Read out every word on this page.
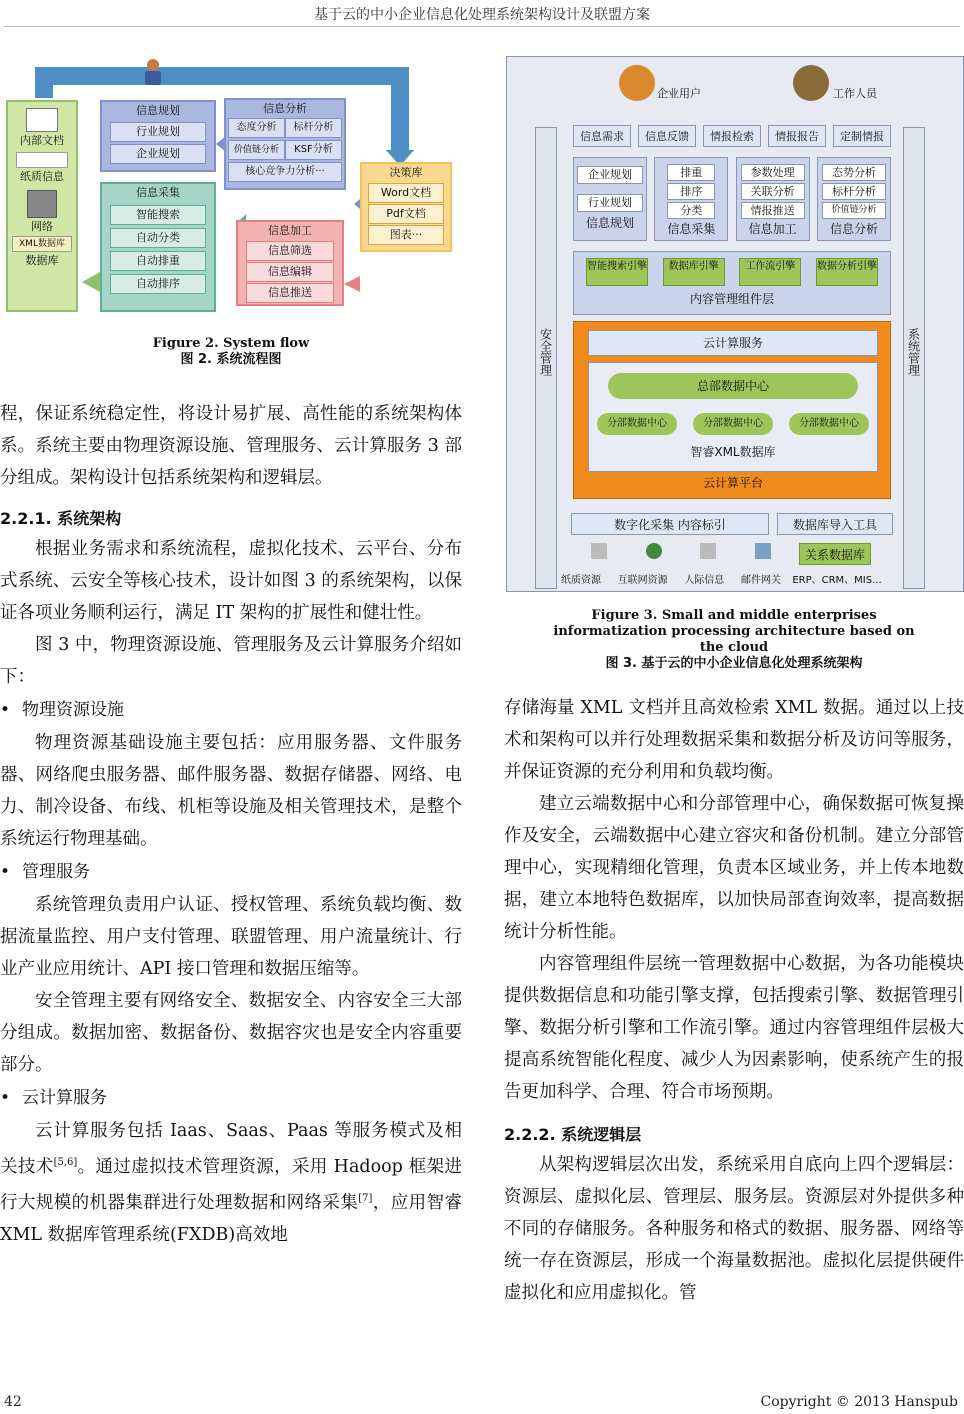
基于云的中小企业信息化处理系统架构设计及联盟方案
内部文档
纸质信息
网络
XML数据库
数据库
信息规划
行业规划
企业规划
信息分析
态度分析	标杆分析
价值链分析	KSF分析
核心竞争力分析···
信息采集
智能搜索
自动分类
自动排重
自动排序
信息加工
信息筛选
信息编辑
信息推送
决策库
Word文档
Pdf文档
图表···
Figure 2. System flow
图 2. 系统流程图

程，保证系统稳定性，将设计易扩展、高性能的系统架构体系。系统主要由物理资源设施、管理服务、云计算服务 3 部分组成。架构设计包括系统架构和逻辑层。

2.2.1. 系统架构

根据业务需求和系统流程，虚拟化技术、云平台、分布式系统、云安全等核心技术，设计如图 3 的系统架构，以保证各项业务顺利运行，满足 IT 架构的扩展性和健壮性。

图 3 中，物理资源设施、管理服务及云计算服务介绍如下：

• 物理资源设施

物理资源基础设施主要包括：应用服务器、文件服务器、网络爬虫服务器、邮件服务器、数据存储器、网络、电力、制冷设备、布线、机柜等设施及相关管理技术，是整个系统运行物理基础。

• 管理服务

系统管理负责用户认证、授权管理、系统负载均衡、数据流量监控、用户支付管理、联盟管理、用户流量统计、行业产业应用统计、API 接口管理和数据压缩等。

安全管理主要有网络安全、数据安全、内容安全三大部分组成。数据加密、数据备份、数据容灾也是安全内容重要部分。

• 云计算服务

云计算服务包括 Iaas、Saas、Paas 等服务模式及相关技术[5,6]。通过虚拟技术管理资源，采用 Hadoop 框架进行大规模的机器集群进行处理数据和网络采集[7]，应用智睿 XML 数据库管理系统(FXDB)高效地

企业用户	工作人员
安全管理	系统管理
信息需求	信息反馈	情报检索	情报报告	定制情报
企业规划
行业规划
信息规划
排重
排序
分类
信息采集
参数处理
关联分析
情报推送
信息加工
态势分析
标杆分析
价值链分析
信息分析
智能搜索引擎	数据库引擎	工作流引擎	数据分析引擎
内容管理组件层
云计算服务
总部数据中心
分部数据中心	分部数据中心	分部数据中心
智睿XML数据库
云计算平台
数字化采集 内容标引	数据库导入工具
关系数据库
纸质资源 互联网资源 人际信息 邮件网关	ERP、CRM、MIS...
Figure 3. Small and middle enterprises informatization processing architecture based on the cloud
图 3. 基于云的中小企业信息化处理系统架构

存储海量 XML 文档并且高效检索 XML 数据。通过以上技术和架构可以并行处理数据采集和数据分析及访问等服务，并保证资源的充分利用和负载均衡。

建立云端数据中心和分部管理中心，确保数据可恢复操作及安全，云端数据中心建立容灾和备份机制。建立分部管理中心，实现精细化管理，负责本区域业务，并上传本地数据，建立本地特色数据库，以加快局部查询效率，提高数据统计分析性能。

内容管理组件层统一管理数据中心数据，为各功能模块提供数据信息和功能引擎支撑，包括搜索引擎、数据管理引擎、数据分析引擎和工作流引擎。通过内容管理组件层极大提高系统智能化程度、减少人为因素影响，使系统产生的报告更加科学、合理、符合市场预期。

2.2.2. 系统逻辑层

从架构逻辑层次出发，系统采用自底向上四个逻辑层：资源层、虚拟化层、管理层、服务层。资源层对外提供多种不同的存储服务。各种服务和格式的数据、服务器、网络等统一存在资源层，形成一个海量数据池。虚拟化层提供硬件虚拟化和应用虚拟化。管

42	Copyright © 2013 Hanspub
